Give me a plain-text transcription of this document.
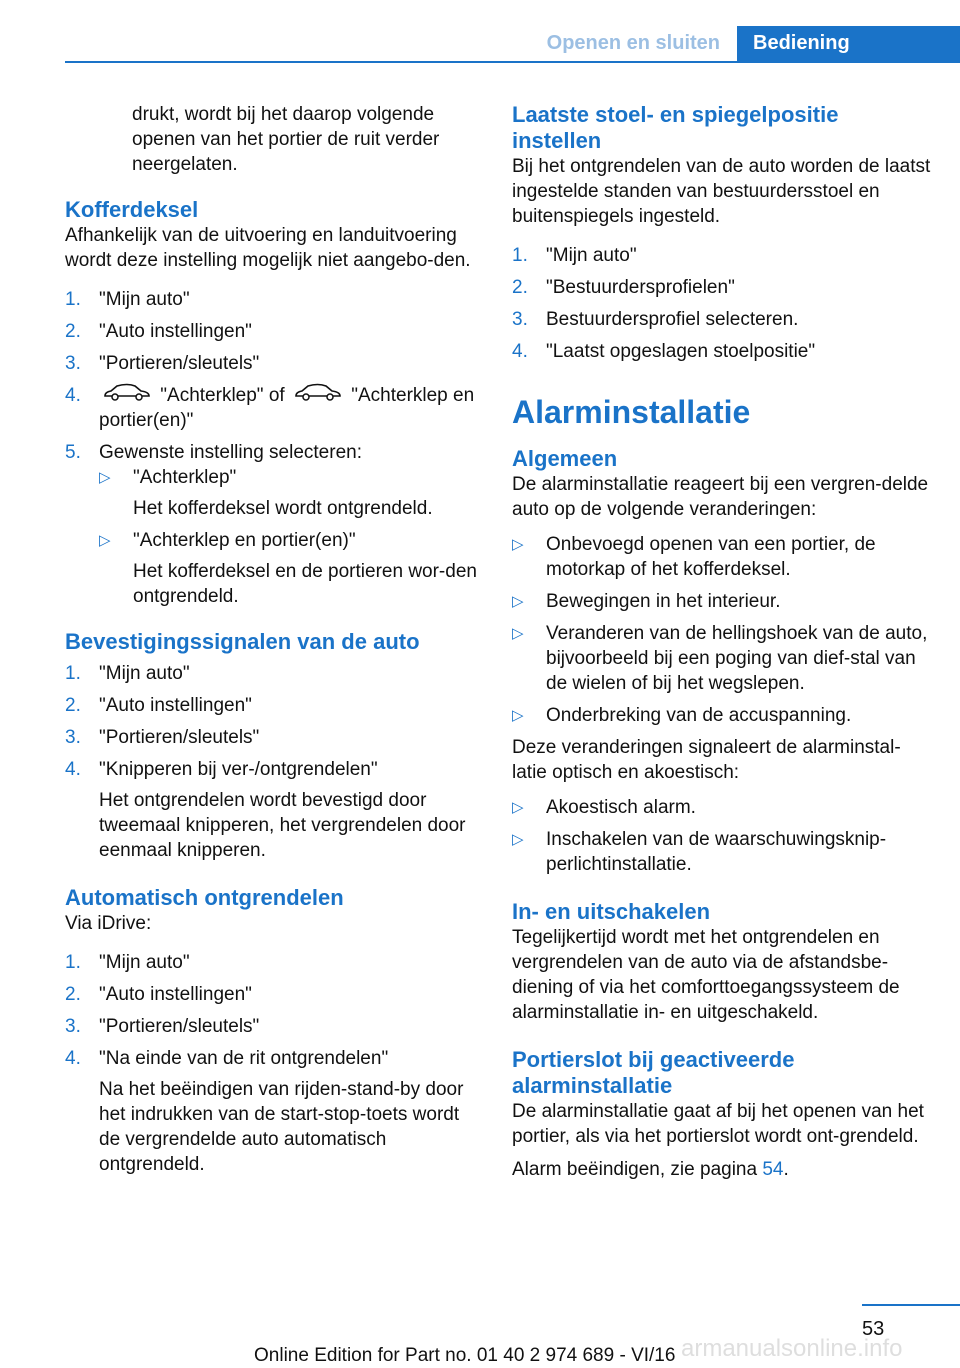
Openen en sluiten	Bediening

drukt, wordt bij het daarop volgende openen van het portier de ruit verder neergelaten.

Kofferdeksel

Afhankelijk van de uitvoering en landuitvoering wordt deze instelling mogelijk niet aangebo-den.

1. "Mijn auto"
2. "Auto instellingen"
3. "Portieren/sleutels"
4.	"Achterklep" of	"Achterklep en portier(en)"
5. Gewenste instelling selecteren:
▷ "Achterklep"
Het kofferdeksel wordt ontgrendeld.
▷ "Achterklep en portier(en)"
Het kofferdeksel en de portieren wor-den ontgrendeld.
Bevestigingssignalen van de auto
1. "Mijn auto"
2. "Auto instellingen"
3. "Portieren/sleutels"
4. "Knipperen bij ver-/ontgrendelen"
Het ontgrendelen wordt bevestigd door tweemaal knipperen, het vergrendelen door eenmaal knipperen.
Automatisch ontgrendelen

Via iDrive:

1. "Mijn auto"
2. "Auto instellingen"
3. "Portieren/sleutels"
4. "Na einde van de rit ontgrendelen"
Na het beëindigen van rijden-stand-by door het indrukken van de start-stop-toets wordt de vergrendelde auto automatisch ontgrendeld.
Laatste stoel- en spiegelpositie instellen

Bij het ontgrendelen van de auto worden de laatst ingestelde standen van bestuurdersstoel en buitenspiegels ingesteld.

1. "Mijn auto"
2. "Bestuurdersprofielen"
3. Bestuurdersprofiel selecteren.
4. "Laatst opgeslagen stoelpositie"
Alarminstallatie
Algemeen

De alarminstallatie reageert bij een vergren-delde auto op de volgende veranderingen:

▷ Onbevoegd openen van een portier, de motorkap of het kofferdeksel.
▷ Bewegingen in het interieur.
▷ Veranderen van de hellingshoek van de auto, bijvoorbeeld bij een poging van dief-stal van de wielen of bij het wegslepen.
▷ Onderbreking van de accuspanning.

Deze veranderingen signaleert de alarminstal-latie optisch en akoestisch:

▷ Akoestisch alarm.
▷ Inschakelen van de waarschuwingsknip-perlichtinstallatie.
In- en uitschakelen

Tegelijkertijd wordt met het ontgrendelen en vergrendelen van de auto via de afstandsbe-diening of via het comforttoegangssysteem de alarminstallatie in- en uitgeschakeld.

Portierslot bij geactiveerde alarminstallatie

De alarminstallatie gaat af bij het openen van het portier, als via het portierslot wordt ont-grendeld.

Alarm beëindigen, zie pagina 54.

53
Online Edition for Part no. 01 40 2 974 689 - VI/16 armanualsonline.info
